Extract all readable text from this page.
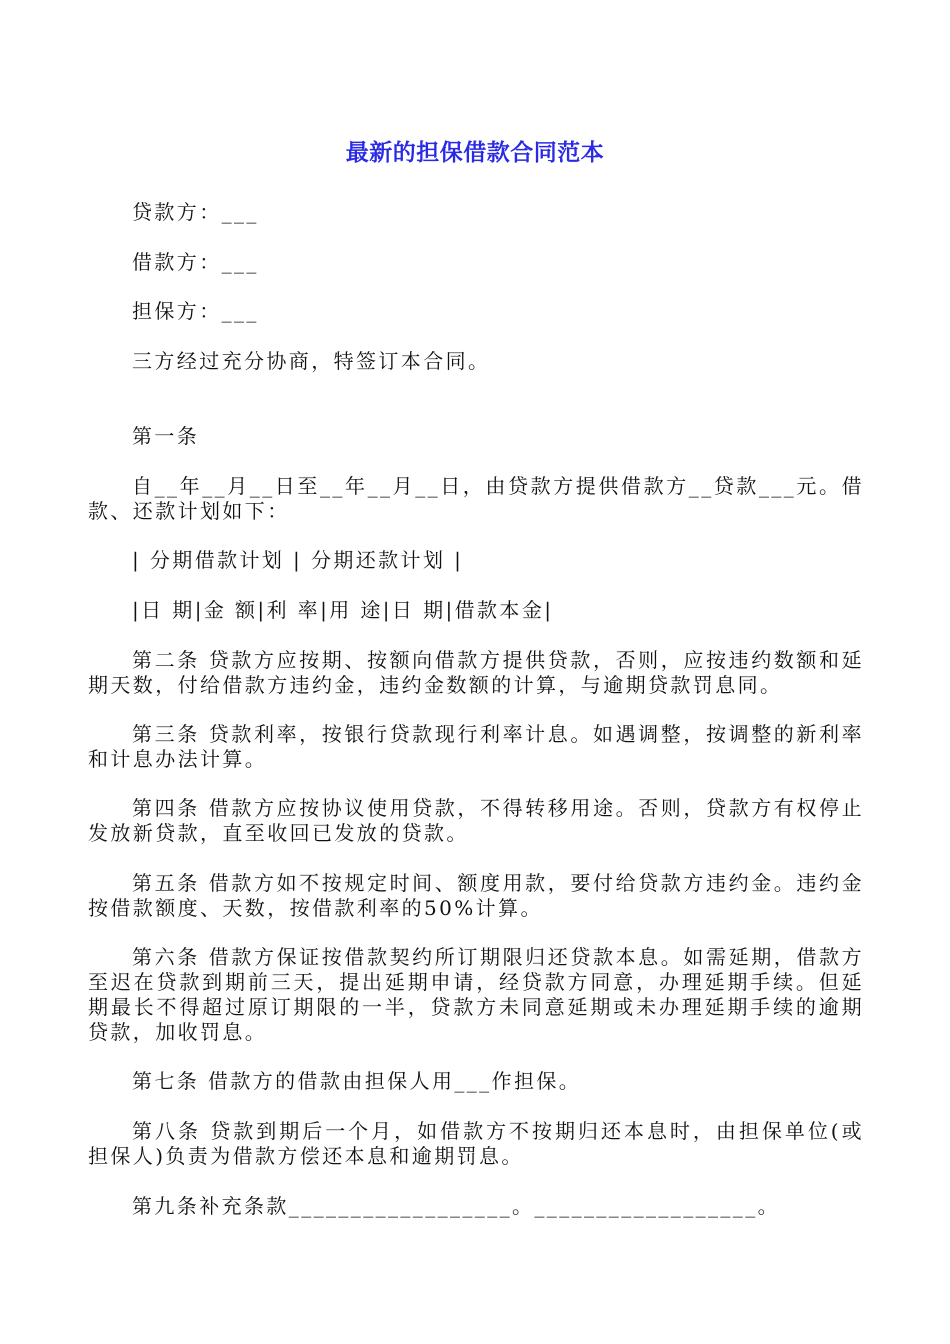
最新的担保借款合同范本
贷款方：___
借款方：___
担保方：___
三方经过充分协商，特签订本合同。
第一条
自__年__月__日至__年__月__日，由贷款方提供借款方__贷款___元。借款、还款计划如下：
| 分期借款计划 | 分期还款计划 |
|日 期|金 额|利 率|用 途|日 期|借款本金|
第二条 贷款方应按期、按额向借款方提供贷款，否则，应按违约数额和延期天数，付给借款方违约金，违约金数额的计算，与逾期贷款罚息同。
第三条 贷款利率，按银行贷款现行利率计息。如遇调整，按调整的新利率和计息办法计算。
第四条 借款方应按协议使用贷款，不得转移用途。否则，贷款方有权停止发放新贷款，直至收回已发放的贷款。
第五条 借款方如不按规定时间、额度用款，要付给贷款方违约金。违约金按借款额度、天数，按借款利率的50%计算。
第六条 借款方保证按借款契约所订期限归还贷款本息。如需延期，借款方至迟在贷款到期前三天，提出延期申请，经贷款方同意，办理延期手续。但延期最长不得超过原订期限的一半，贷款方未同意延期或未办理延期手续的逾期贷款，加收罚息。
第七条 借款方的借款由担保人用___作担保。
第八条 贷款到期后一个月，如借款方不按期归还本息时，由担保单位(或担保人)负责为借款方偿还本息和逾期罚息。
第九条补充条款__________________。__________________。
